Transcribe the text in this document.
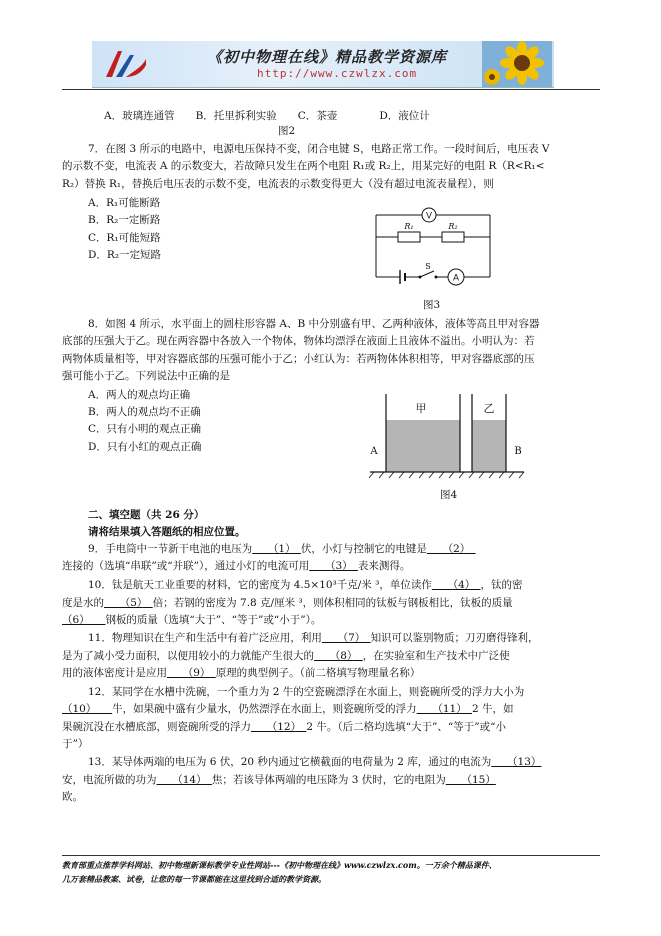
《初中物理在线》精品教学资源库
http://www.czwlzx.com
A．玻璃连通管　　B．托里拆利实验　　C．茶壶　　　　D．液位计
图2
7．在图 3 所示的电路中，电源电压保持不变，闭合电键 S，电路正常工作。一段时间后，电压表 V
的示数不变，电流表 A 的示数变大，若故障只发生在两个电阻 R₁或 R₂上，用某完好的电阻 R（R<R₁<
R₂）替换 R₁，替换后电压表的示数不变，电流表的示数变得更大（没有超过电流表量程），则
A．R₁可能断路
B．R₂一定断路
C．R₁可能短路
D．R₂一定短路
V
R₁	R₂
S
A
图3
8．如图 4 所示，水平面上的圆柱形容器 A、B 中分别盛有甲、乙两种液体，液体等高且甲对容器
底部的压强大于乙。现在两容器中各放入一个物体，物体均漂浮在液面上且液体不溢出。小明认为：若
两物体质量相等，甲对容器底部的压强可能小于乙；小红认为：若两物体体积相等，甲对容器底部的压
强可能小于乙。下列说法中正确的是
A．两人的观点均正确
B．两人的观点均不正确
C．只有小明的观点正确
D．只有小红的观点正确
甲	乙
A	B
图4
二、填空题（共 26 分）
请将结果填入答题纸的相应位置。
9．手电筒中一节新干电池的电压为　　 （1）　 伏，小灯与控制它的电键是　　 （2）　
连接的（选填“串联”或“并联”），通过小灯的电流可用　　 （3）　 表来测得。
10．钛是航天工业重要的材料，它的密度为 4.5×10³千克/米 ³，单位读作　　 （4）　 ，钛的密
度是水的　　 （5）　 倍；若钢的密度为 7.8 克/厘米 ³，则体积相同的钛板与钢板相比，钛板的质量
（6）　　 钢板的质量（选填“大于”、“等于”或“小于”）。
11．物理知识在生产和生活中有着广泛应用，利用　　 （7）　 知识可以鉴别物质；刀刃磨得锋利，
是为了减小受力面积，以便用较小的力就能产生很大的　　 （8）　 ，在实验室和生产技术中广泛使
用的液体密度计是应用　　 （9）　 原理的典型例子。（前二格填写物理量名称）
12．某同学在水槽中洗碗，一个重力为 2 牛的空瓷碗漂浮在水面上，则瓷碗所受的浮力大小为
（10）　　 牛，如果碗中盛有少量水，仍然漂浮在水面上，则瓷碗所受的浮力　　 （11）　 2 牛，如
果碗沉没在水槽底部，则瓷碗所受的浮力　　 （12）　 2 牛。（后二格均选填“大于”、“等于”或“小
于”）
13．某导体两端的电压为 6 伏，20 秒内通过它横截面的电荷量为 2 库，通过的电流为　　 （13）
安，电流所做的功为　　 （14）　 焦；若该导体两端的电压降为 3 伏时，它的电阻为　　 （15）
欧。
教育部重点推荐学科网站、初中物理新课标教学专业性网站---《初中物理在线》www.czwlzx.com。一万余个精品课件、
几万套精品教案、试卷，让您的每一节课都能在这里找到合适的教学资源。
